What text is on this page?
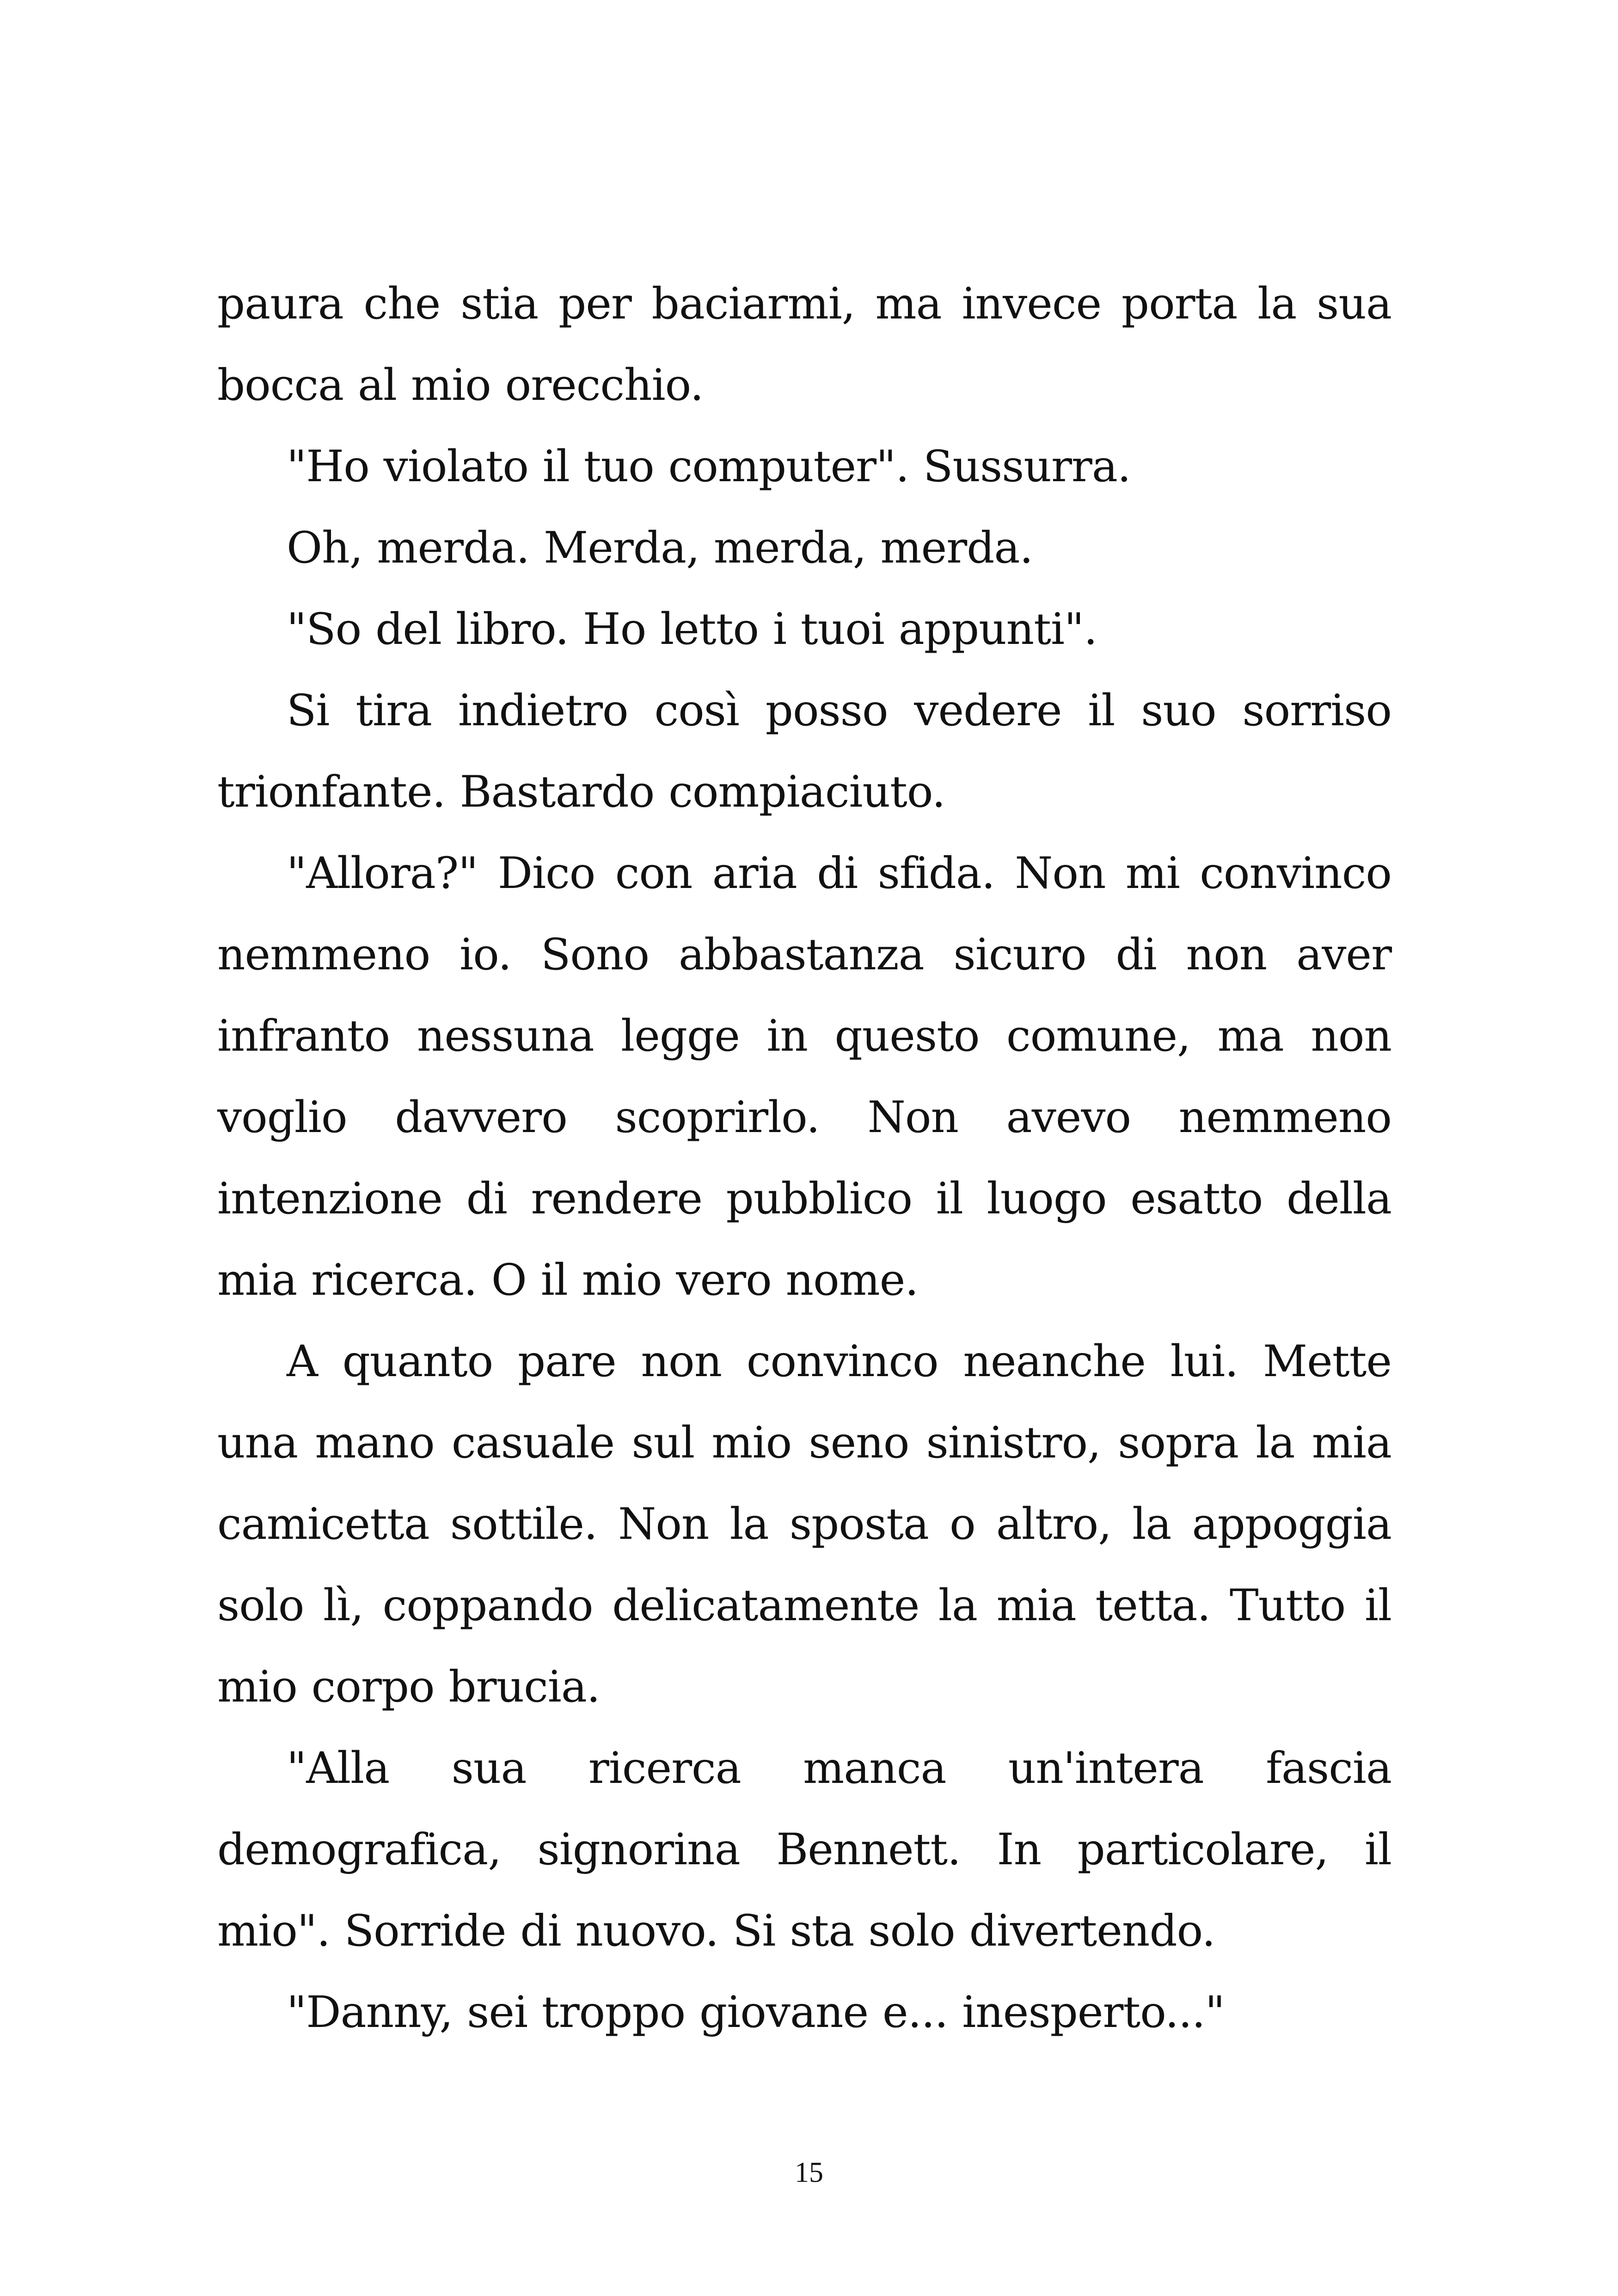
paura che stia per baciarmi, ma invece porta la sua bocca al mio orecchio.

"Ho violato il tuo computer". Sussurra.

Oh, merda. Merda, merda, merda.

"So del libro. Ho letto i tuoi appunti".

Si tira indietro così posso vedere il suo sorriso trionfante. Bastardo compiaciuto.

"Allora?" Dico con aria di sfida. Non mi convinco nemmeno io. Sono abbastanza sicuro di non aver infranto nessuna legge in questo comune, ma non voglio davvero scoprirlo. Non avevo nemmeno intenzione di rendere pubblico il luogo esatto della mia ricerca. O il mio vero nome.

A quanto pare non convinco neanche lui. Mette una mano casuale sul mio seno sinistro, sopra la mia camicetta sottile. Non la sposta o altro, la appoggia solo lì, coppando delicatamente la mia tetta. Tutto il mio corpo brucia.

"Alla sua ricerca manca un'intera fascia demografica, signorina Bennett. In particolare, il mio". Sorride di nuovo. Si sta solo divertendo.

"Danny, sei troppo giovane e... inesperto..."

15
